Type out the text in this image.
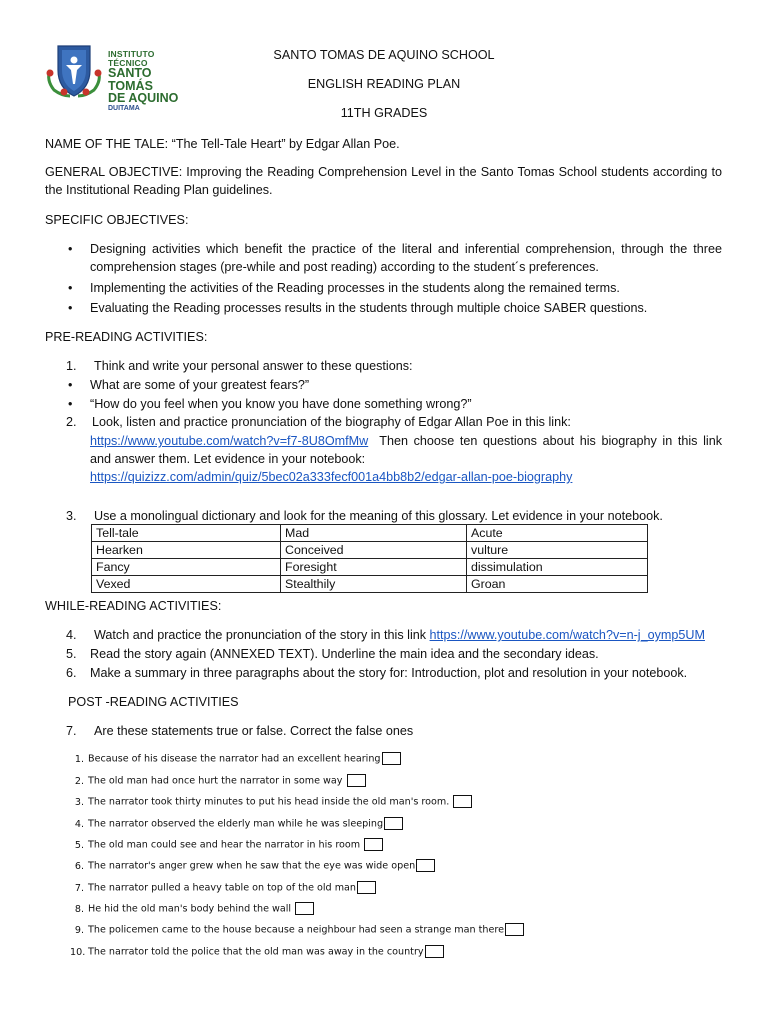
INSTITUTO TÉCNICO
SANTO TOMÁS
DE AQUINO
DUITAMA
SANTO TOMAS DE AQUINO SCHOOL
ENGLISH READING PLAN
11TH GRADES
NAME OF THE TALE: “The Tell-Tale Heart” by Edgar Allan Poe.
GENERAL OBJECTIVE: Improving the Reading Comprehension Level in the Santo Tomas School students according to the Institutional Reading Plan guidelines.
SPECIFIC OBJECTIVES:
•	Designing activities which benefit the practice of the literal and inferential comprehension, through the three comprehension stages (pre-while and post reading) according to the student´s preferences.
•	Implementing the activities of the Reading processes in the students along the remained terms.
•	Evaluating the Reading processes results in the students through multiple choice SABER questions.
PRE-READING ACTIVITIES:
1. Think and write your personal answer to these questions:
•	What are some of your greatest fears?”
•	“How do you feel when you know you have done something wrong?”
2. Look, listen and practice pronunciation of the biography of Edgar Allan Poe in this link:
https://www.youtube.com/watch?v=f7-8U8OmfMw Then choose ten questions about his biography in this link and answer them. Let evidence in your notebook:
https://quizizz.com/admin/quiz/5bec02a333fecf001a4bb8b2/edgar-allan-poe-biography
3. Use a monolingual dictionary and look for the meaning of this glossary. Let evidence in your notebook.
Tell-tale	Mad	Acute
Hearken	Conceived	vulture
Fancy	Foresight	dissimulation
Vexed	Stealthily	Groan
WHILE-READING ACTIVITIES:
4. Watch and practice the pronunciation of the story in this link https://www.youtube.com/watch?v=n-j_oymp5UM
5. Read the story again (ANNEXED TEXT). Underline the main idea and the secondary ideas.
6. Make a summary in three paragraphs about the story for: Introduction, plot and resolution in your notebook.
POST -READING ACTIVITIES
7. Are these statements true or false. Correct the false ones
1. Because of his disease the narrator had an excellent hearing
2. The old man had once hurt the narrator in some way
3. The narrator took thirty minutes to put his head inside the old man's room.
4. The narrator observed the elderly man while he was sleeping
5. The old man could see and hear the narrator in his room
6. The narrator's anger grew when he saw that the eye was wide open
7. The narrator pulled a heavy table on top of the old man
8. He hid the old man's body behind the wall
9. The policemen came to the house because a neighbour had seen a strange man there
10. The narrator told the police that the old man was away in the country
